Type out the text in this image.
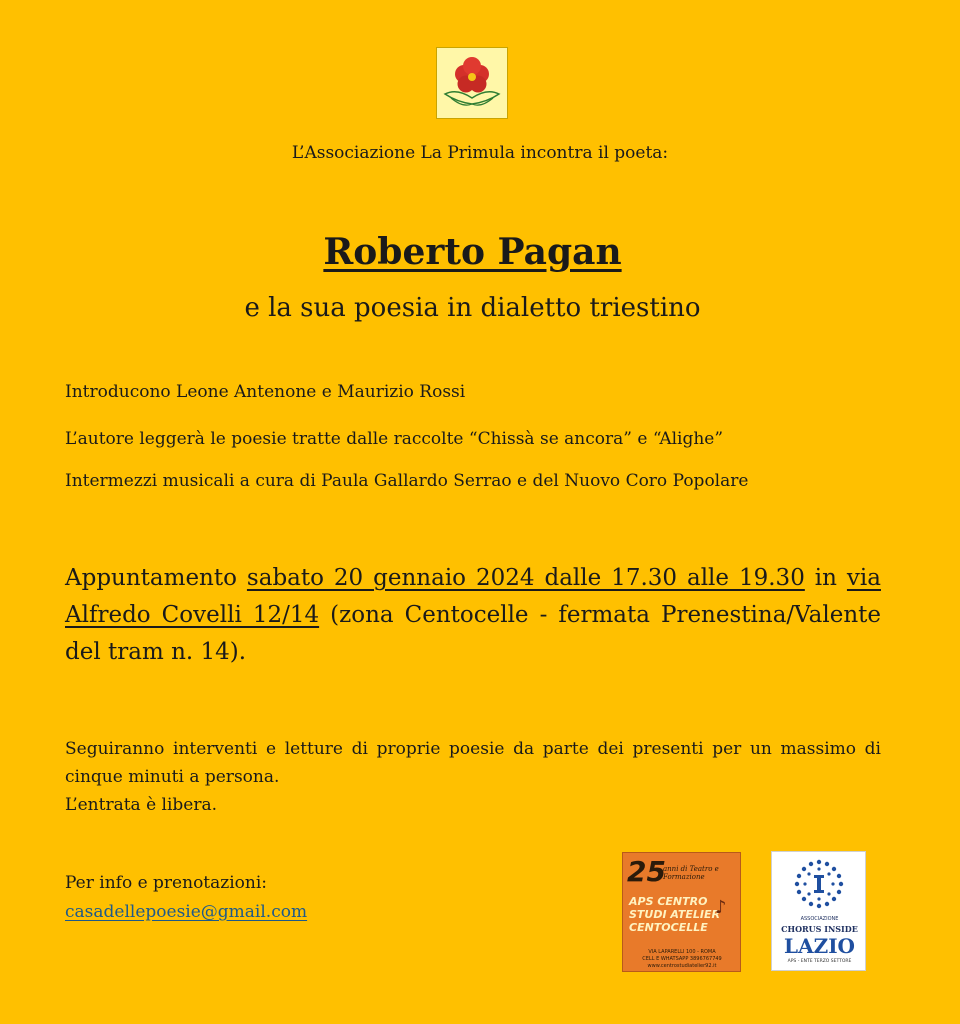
L’Associazione La Primula incontra il poeta:
Roberto Pagan
e la sua poesia in dialetto triestino
Introducono Leone Antenone e Maurizio Rossi
L’autore leggerà le poesie tratte dalle raccolte “Chissà se ancora” e “Alighe”
Intermezzi musicali a cura di Paula Gallardo Serrao e del Nuovo Coro Popolare
Appuntamento sabato 20 gennaio 2024 dalle 17.30 alle 19.30 in via Alfredo Covelli 12/14 (zona Centocelle - fermata Prenestina/Valente del tram n. 14).
Seguiranno interventi e letture di proprie poesie da parte dei presenti per un massimo di cinque minuti a persona.
L’entrata è libera.
Per info e prenotazioni:
casadellepoesie@gmail.com
25
anni di Teatro e Formazione
APS CENTRO
STUDI ATELIER
CENTOCELLE
♪
VIA LAPARELLI 100 - ROMA
CELL E WHATSAPP 3896767749
www.centrostudiatelier92.it
ASSOCIAZIONE
CHORUS INSIDE
LAZIO
APS - ENTE TERZO SETTORE
